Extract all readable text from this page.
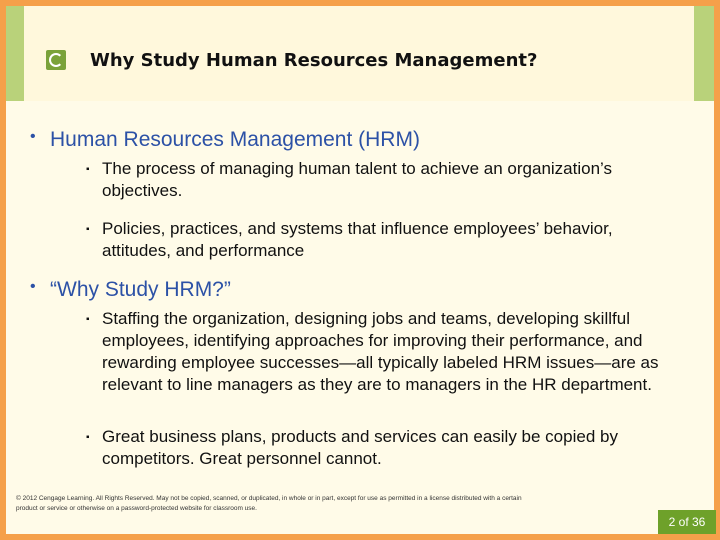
Why Study Human Resources Management?
• Human Resources Management (HRM)
▪ The process of managing human talent to achieve an organization’s objectives.
▪ Policies, practices, and systems that influence employees’ behavior, attitudes, and performance
• “Why Study HRM?”
▪ Staffing the organization, designing jobs and teams, developing skillful employees, identifying approaches for improving their performance, and rewarding employee successes—all typically labeled HRM issues—are as relevant to line managers as they are to managers in the HR department.
▪ Great business plans, products and services can easily be copied by competitors. Great personnel cannot.
© 2012 Cengage Learning. All Rights Reserved. May not be copied, scanned, or duplicated, in whole or in part, except for use as permitted in a license distributed with a certain product or service or otherwise on a password-protected website for classroom use.
2 of 36
